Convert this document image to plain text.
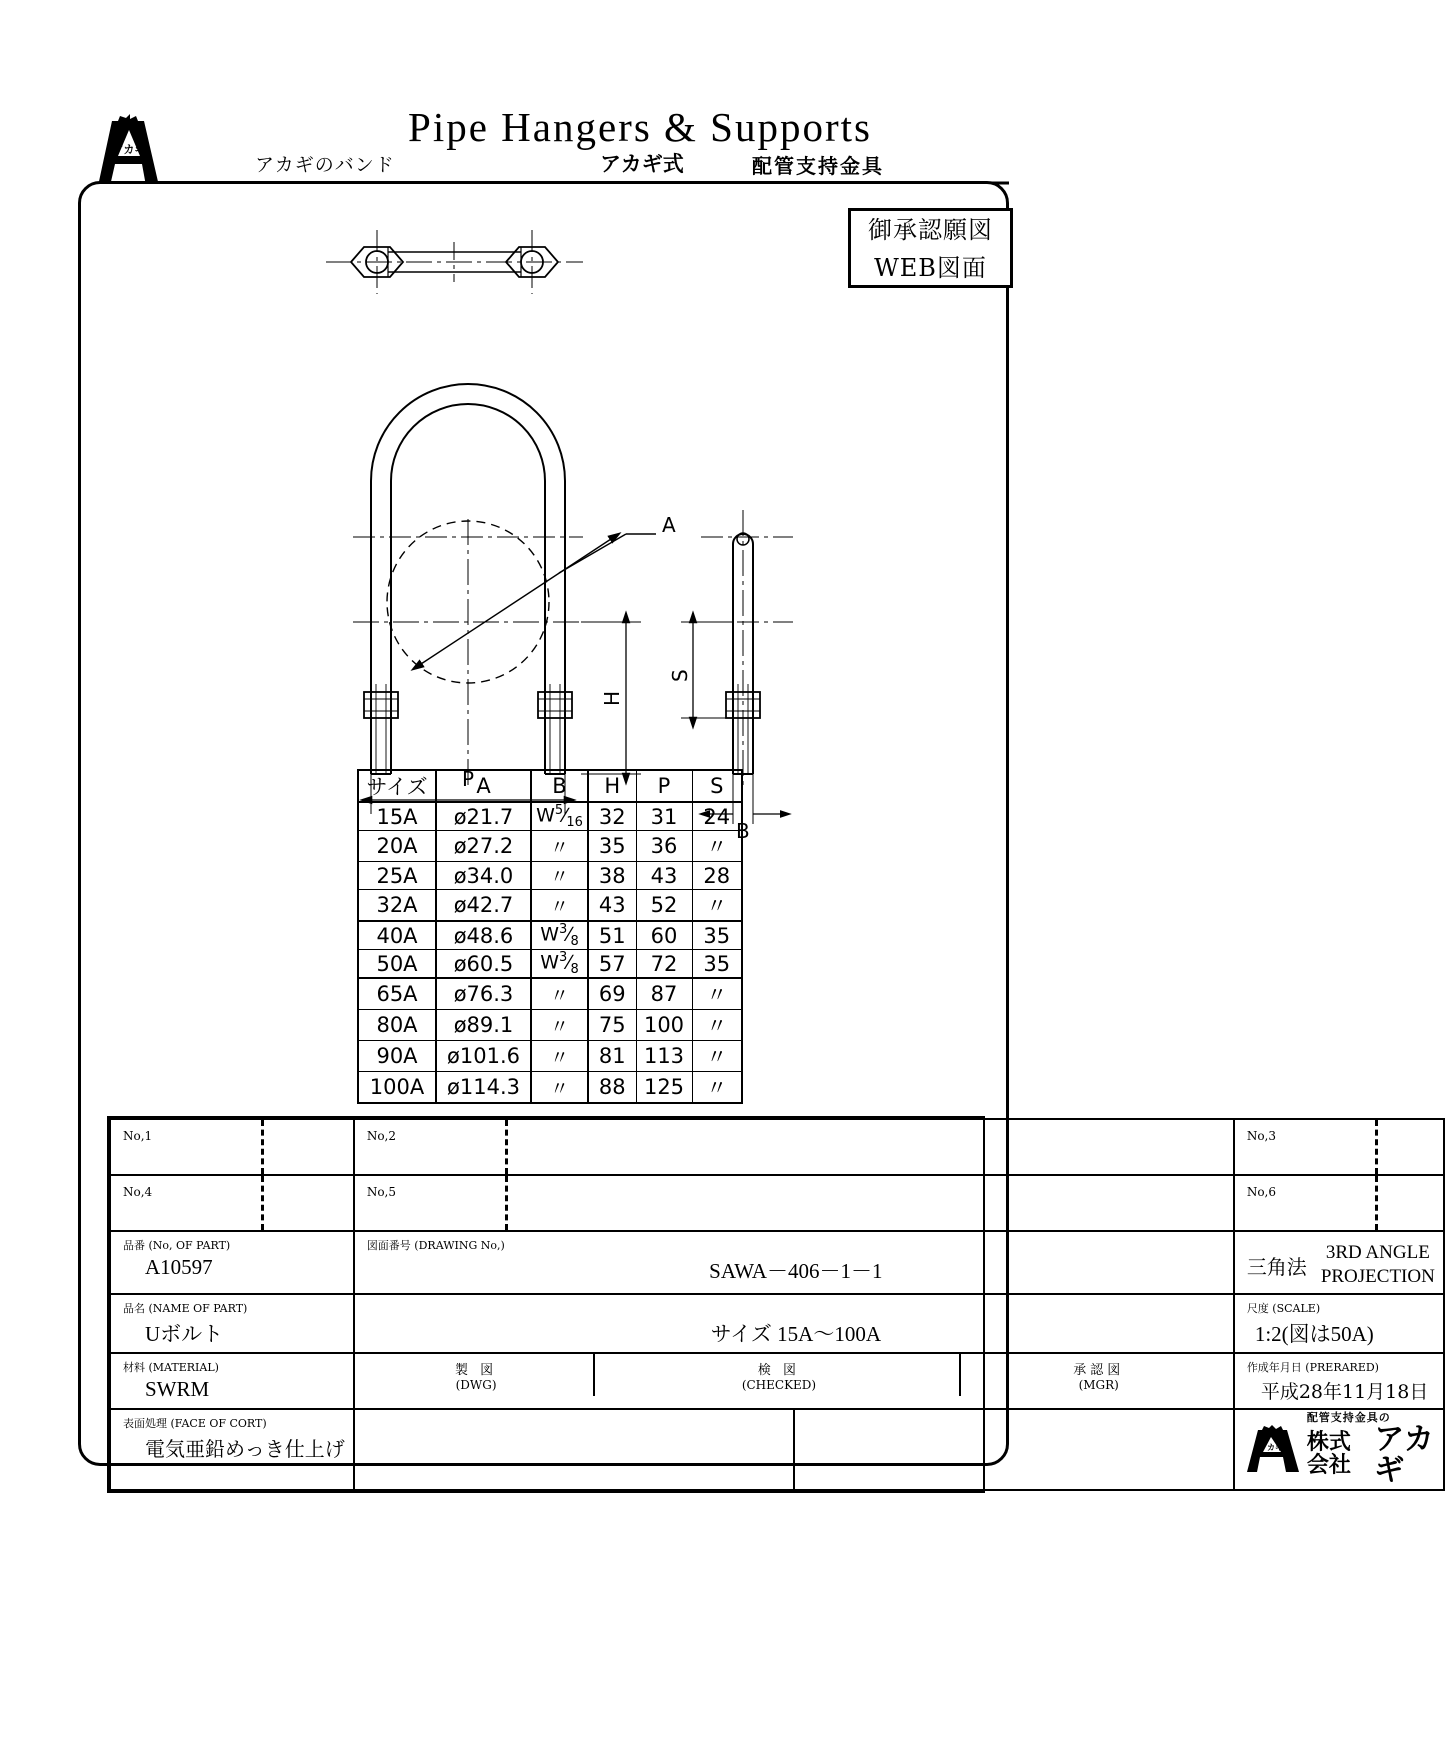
アカギ	Pipe Hangers & Supports
アカギのバンド	アカギ式	配管支持金具
御承認願図
WEB図面
A
H
P
S
B
サイズ	A	B	H	P	S
15A	ø21.7	$W^5⁄_{16}$	32	31	24
20A	ø27.2	〃	35	36	〃
25A	ø34.0	〃	38	43	28
32A	ø42.7	〃	43	52	〃
40A	ø48.6	$W^3⁄_8$	51	60	35
50A	ø60.5	$W^3⁄_8$	57	72	35
65A	ø76.3	〃	69	87	〃
80A	ø89.1	〃	75	100	〃
90A	ø101.6	〃	81	113	〃
100A	ø114.3	〃	88	125	〃
No,1	No,2	No,3

No,4	No,5	No,6

品番 (No, OF PART)
A10597

図面番号 (DRAWING No,)
SAWA－406－1－1	三角法
3RD ANGLE
PROJECTION

品名 (NAME OF PART)
Uボルト	サイズ 15A〜100A

尺度 (SCALE)
1:2(図は50A)

材料 (MATERIAL)
SWRM

製 図
(DWG)

検 図
(CHECKED)

承認図
(MGR)

作成年月日 (PRERARED)
平成28年11月18日

表面処理 (FACE OF CORT)
電気亜鉛めっき仕上げ			アカギ
配管支持金具の
株式会社
アカギ
